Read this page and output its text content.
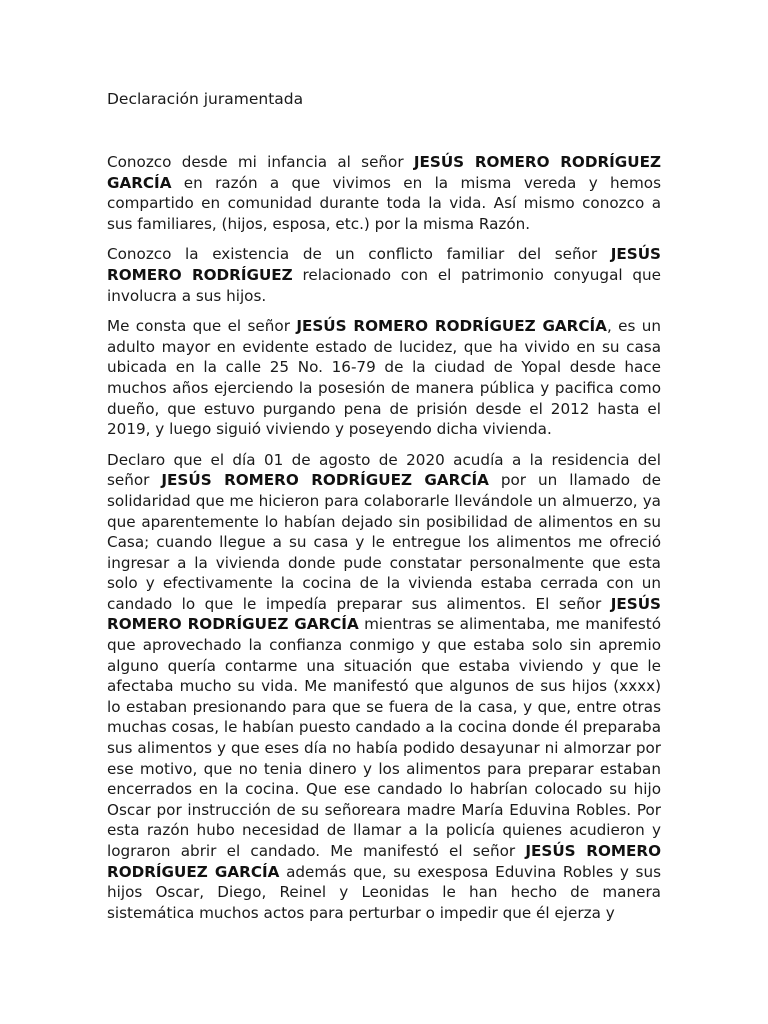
Declaración juramentada

Conozco desde mi infancia al señor JESÚS ROMERO RODRÍGUEZ GARCÍA en razón a que vivimos en la misma vereda y hemos compartido en comunidad durante toda la vida. Así mismo conozco a sus familiares, (hijos, esposa, etc.) por la misma Razón.

Conozco la existencia de un conflicto familiar del señor JESÚS ROMERO RODRÍGUEZ relacionado con el patrimonio conyugal que involucra a sus hijos.

Me consta que el señor JESÚS ROMERO RODRÍGUEZ GARCÍA, es un adulto mayor en evidente estado de lucidez, que ha vivido en su casa ubicada en la calle 25 No. 16-79 de la ciudad de Yopal desde hace muchos años ejerciendo la posesión de manera pública y pacifica como dueño, que estuvo purgando pena de prisión desde el 2012 hasta el 2019, y luego siguió viviendo y poseyendo dicha vivienda.

Declaro que el día 01 de agosto de 2020 acudía a la residencia del señor JESÚS ROMERO RODRÍGUEZ GARCÍA por un llamado de solidaridad que me hicieron para colaborarle llevándole un almuerzo, ya que aparentemente lo habían dejado sin posibilidad de alimentos en su Casa; cuando llegue a su casa y le entregue los alimentos me ofreció ingresar a la vivienda donde pude constatar personalmente que esta solo y efectivamente la cocina de la vivienda estaba cerrada con un candado lo que le impedía preparar sus alimentos. El señor JESÚS ROMERO RODRÍGUEZ GARCÍA mientras se alimentaba, me manifestó que aprovechado la confianza conmigo y que estaba solo sin apremio alguno quería contarme una situación que estaba viviendo y que le afectaba mucho su vida. Me manifestó que algunos de sus hijos (xxxx) lo estaban presionando para que se fuera de la casa, y que, entre otras muchas cosas, le habían puesto candado a la cocina donde él preparaba sus alimentos y que eses día no había podido desayunar ni almorzar por ese motivo, que no tenia dinero y los alimentos para preparar estaban encerrados en la cocina. Que ese candado lo habrían colocado su hijo Oscar por instrucción de su señoreara madre María Eduvina Robles. Por esta razón hubo necesidad de llamar a la policía quienes acudieron y lograron abrir el candado. Me manifestó el señor JESÚS ROMERO RODRÍGUEZ GARCÍA además que, su exesposa Eduvina Robles y sus hijos Oscar, Diego, Reinel y Leonidas le han hecho de manera sistemática muchos actos para perturbar o impedir que él ejerza y
